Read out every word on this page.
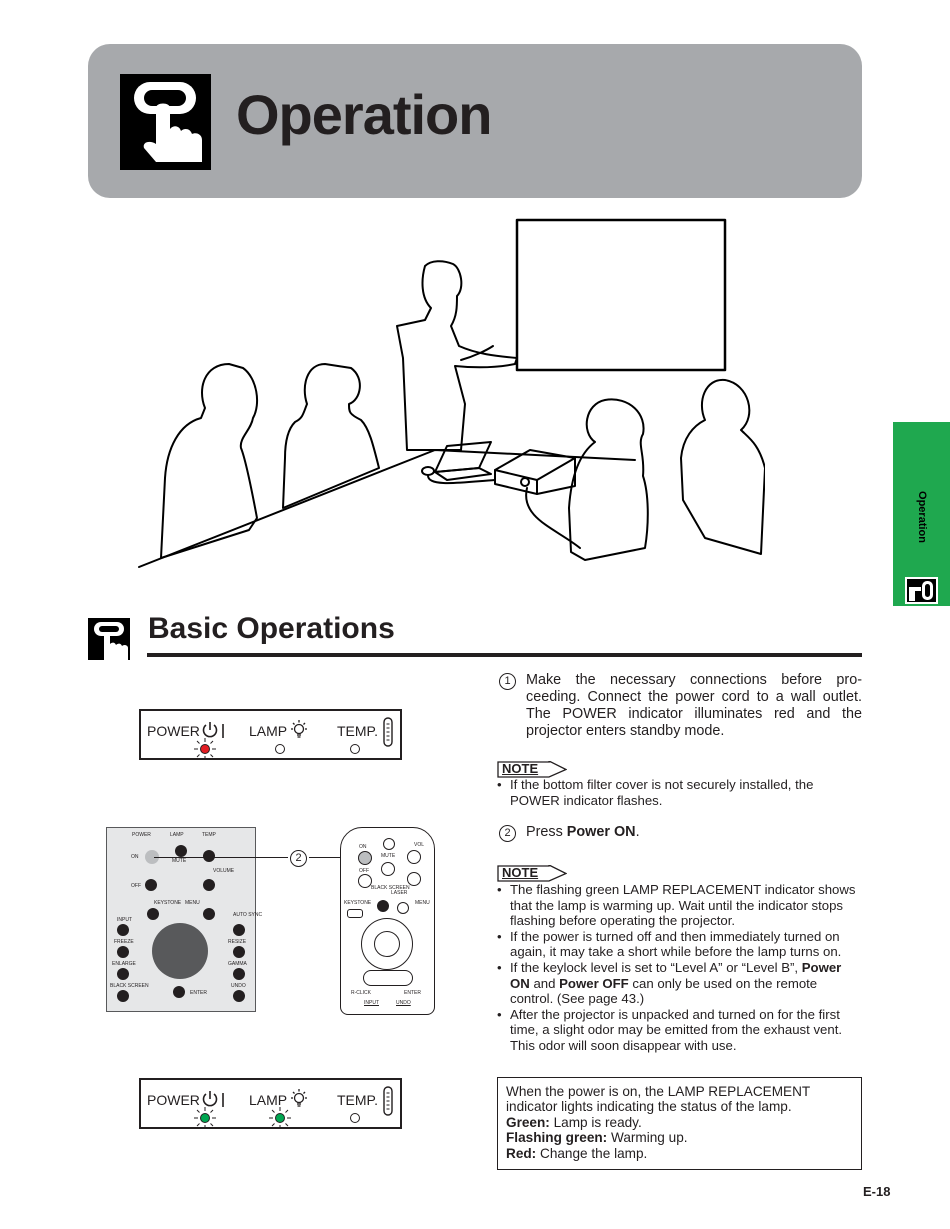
Operation
Operation
Basic Operations
POWER	LAMP	TEMP.
POWER	LAMP	TEMP
ON
MUTE
VOLUME
OFF
KEYSTONE MENU
INPUT
AUTO SYNC
FREEZE	RESIZE
ENLARGE	GAMMA
BLACK SCREEN
ENTER
UNDO
2
ON
MUTE
VOL
OFF
BLACK SCREEN
LASER
KEYSTONE	MENU
R-CLICK	ENTER
INPUT	UNDO
POWER	LAMP	TEMP.
1	Make the necessary connections before pro-ceeding. Connect the power cord to a wall outlet. The POWER indicator illuminates red and the projector enters standby mode.
NOTE
• If the bottom filter cover is not securely installed, the POWER indicator flashes.
2	Press Power ON.
NOTE
• The flashing green LAMP REPLACEMENT indicator shows that the lamp is warming up. Wait until the indicator stops flashing before operating the projector.
• If the power is turned off and then immediately turned on again, it may take a short while before the lamp turns on.
• If the keylock level is set to “Level A” or “Level B”, Power ON and Power OFF can only be used on the remote control. (See page 43.)
• After the projector is unpacked and turned on for the first time, a slight odor may be emitted from the exhaust vent. This odor will soon disappear with use.
When the power is on, the LAMP REPLACEMENT indicator lights indicating the status of the lamp.
Green: Lamp is ready.
Flashing green: Warming up.
Red: Change the lamp.
E-18
